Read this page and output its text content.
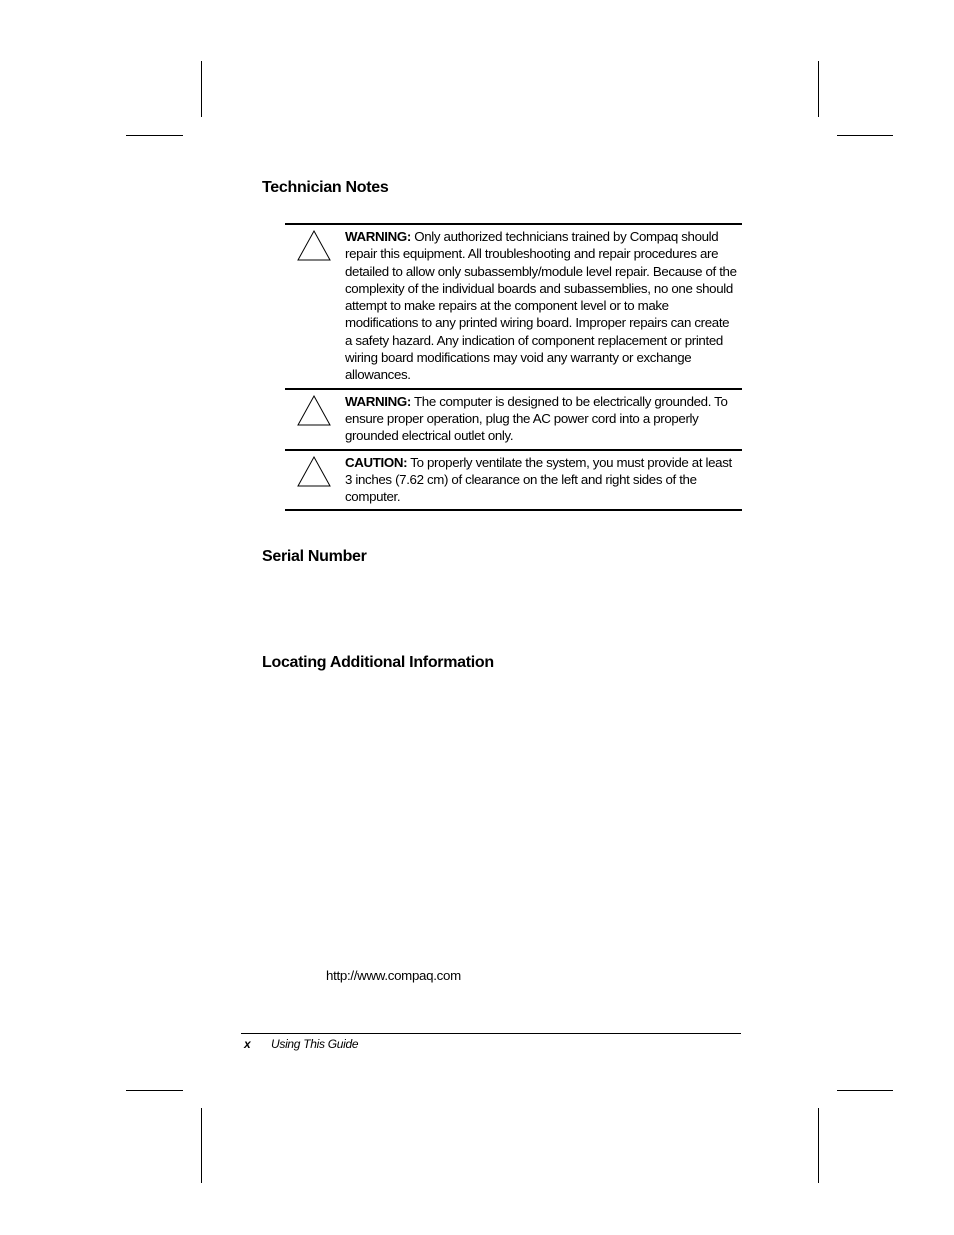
Technician Notes
WARNING: Only authorized technicians trained by Compaq should repair this equipment. All troubleshooting and repair procedures are detailed to allow only subassembly/module level repair. Because of the complexity of the individual boards and subassemblies, no one should attempt to make repairs at the component level or to make modifications to any printed wiring board. Improper repairs can create a safety hazard. Any indication of component replacement or printed wiring board modifications may void any warranty or exchange allowances.
WARNING: The computer is designed to be electrically grounded. To ensure proper operation, plug the AC power cord into a properly grounded electrical outlet only.
CAUTION: To properly ventilate the system, you must provide at least 3 inches (7.62 cm) of clearance on the left and right sides of the computer.
Serial Number
Locating Additional Information
http://www.compaq.com
x Using This Guide
